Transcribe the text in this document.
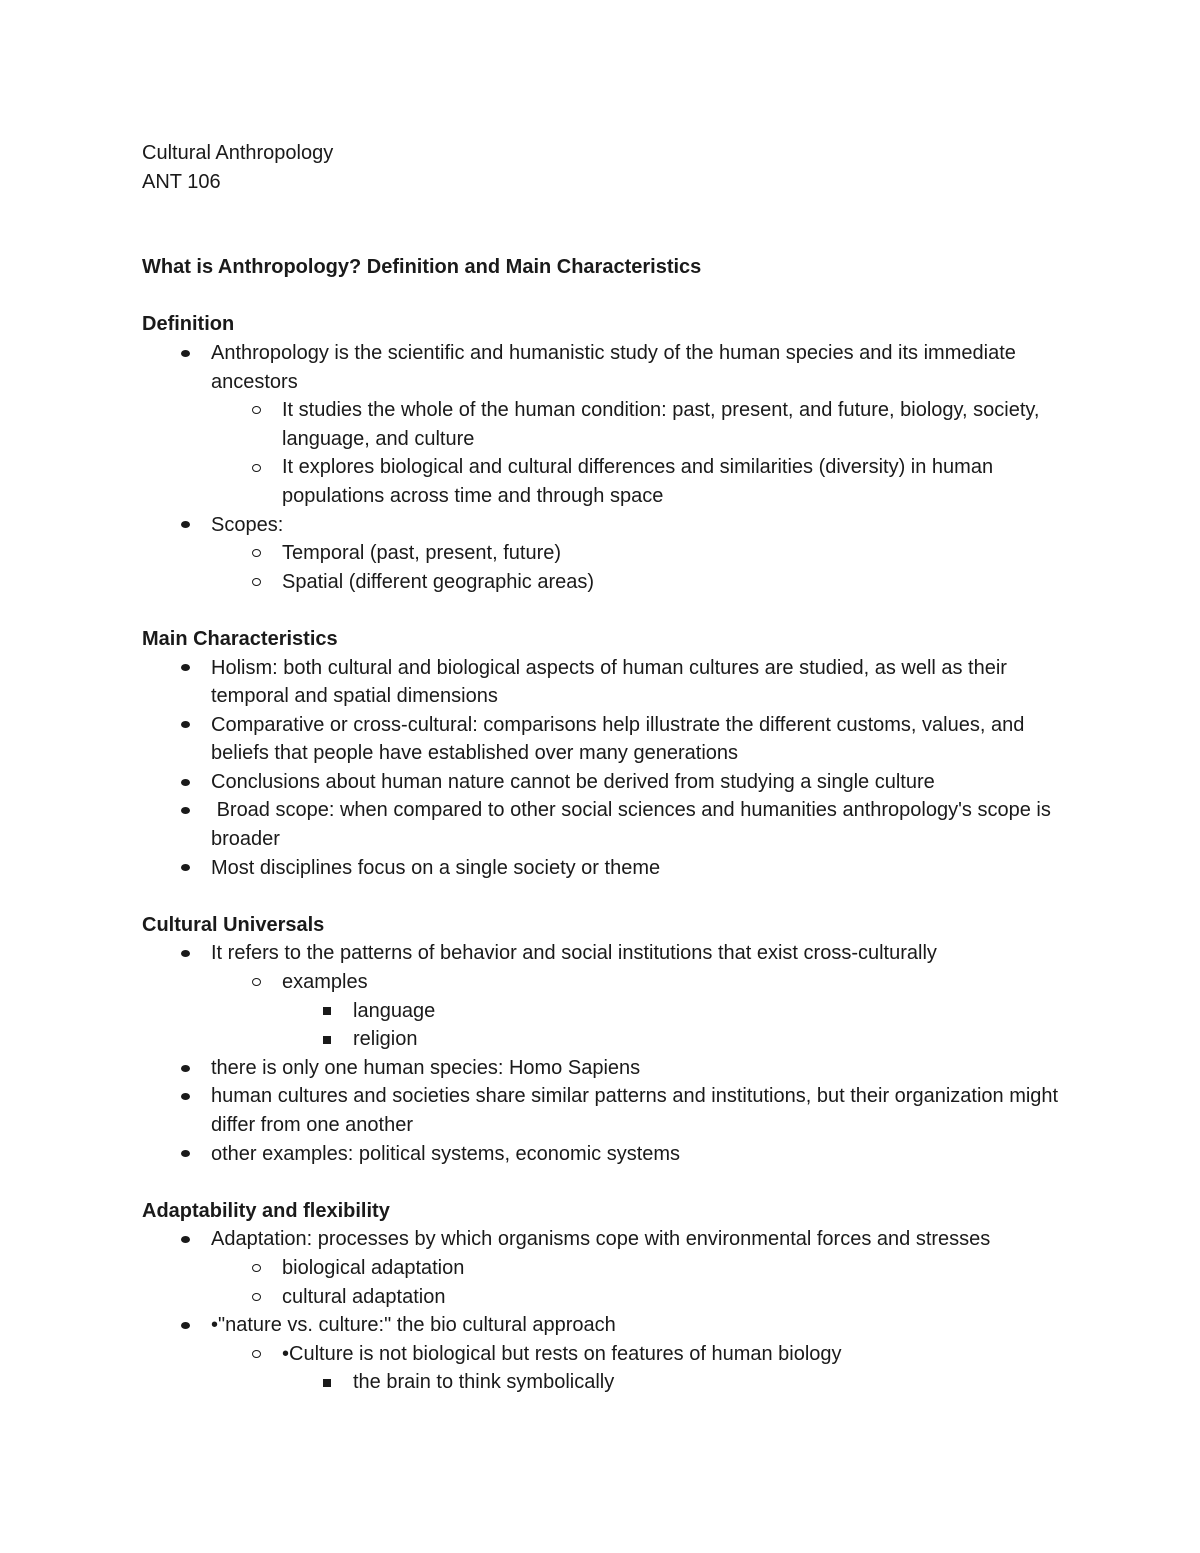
Cultural Anthropology

ANT 106

What is Anthropology? Definition and Main Characteristics

Definition

Anthropology is the scientific and humanistic study of the human species and its immediate ancestors
It studies the whole of the human condition: past, present, and future, biology, society, language, and culture
It explores biological and cultural differences and similarities (diversity) in human populations across time and through space
Scopes:
Temporal (past, present, future)
Spatial (different geographic areas)

Main Characteristics

Holism: both cultural and biological aspects of human cultures are studied, as well as their temporal and spatial dimensions
Comparative or cross-cultural: comparisons help illustrate the different customs, values, and beliefs that people have established over many generations
Conclusions about human nature cannot be derived from studying a single culture
Broad scope: when compared to other social sciences and humanities anthropology's scope is broader
Most disciplines focus on a single society or theme

Cultural Universals

It refers to the patterns of behavior and social institutions that exist cross-culturally
examples
language
religion
there is only one human species: Homo Sapiens
human cultures and societies share similar patterns and institutions, but their organization might differ from one another
other examples: political systems, economic systems

Adaptability and flexibility

Adaptation: processes by which organisms cope with environmental forces and stresses
biological adaptation
cultural adaptation
•"nature vs. culture:" the bio cultural approach
•Culture is not biological but rests on features of human biology
the brain to think symbolically
